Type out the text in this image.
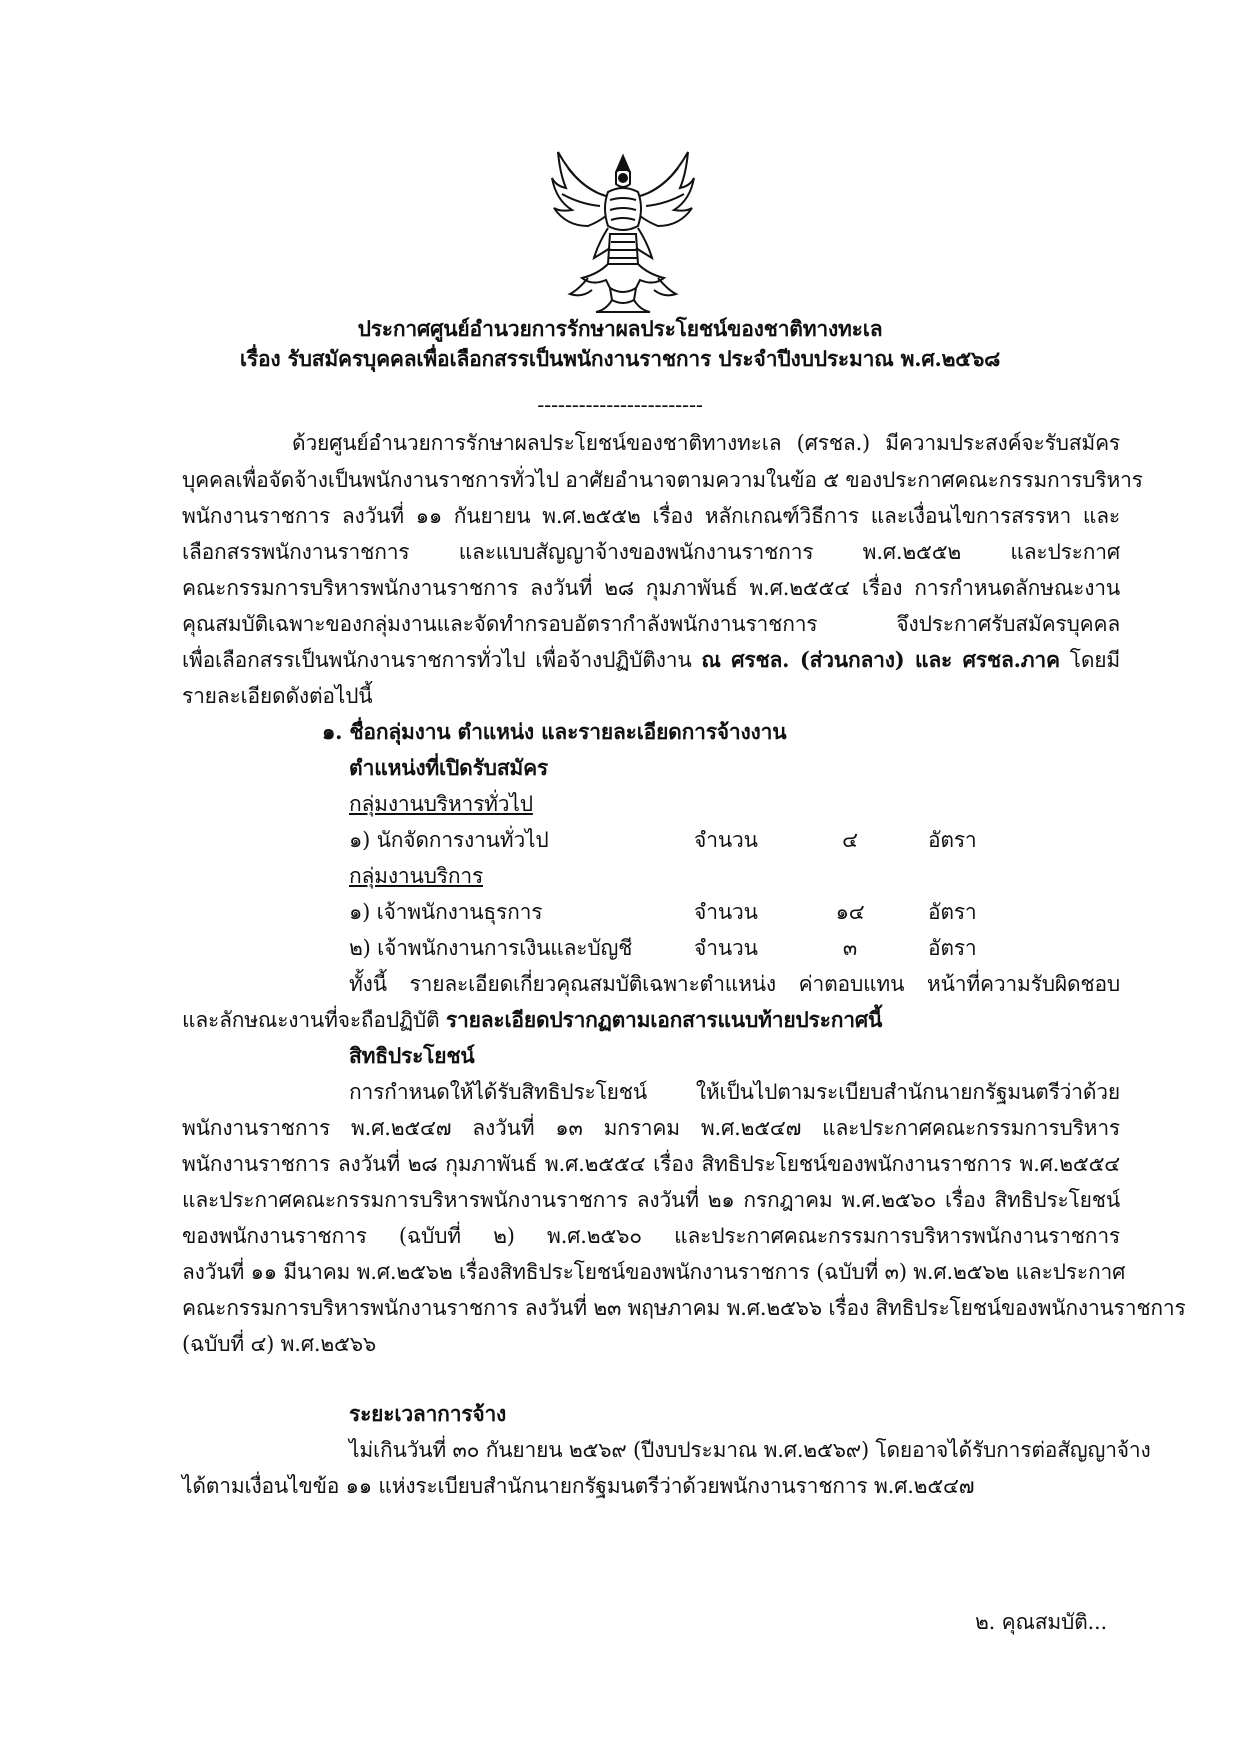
ประกาศศูนย์อำนวยการรักษาผลประโยชน์ของชาติทางทะเล
เรื่อง รับสมัครบุคคลเพื่อเลือกสรรเป็นพนักงานราชการ ประจำปีงบประมาณ พ.ศ.๒๕๖๘
------------------------
ด้วยศูนย์อำนวยการรักษาผลประโยชน์ของชาติทางทะเล (ศรชล.) มีความประสงค์จะรับสมัคร
บุคคลเพื่อจัดจ้างเป็นพนักงานราชการทั่วไป อาศัยอำนาจตามความในข้อ ๕ ของประกาศคณะกรรมการบริหาร
พนักงานราชการ ลงวันที่ ๑๑ กันยายน พ.ศ.๒๕๕๒ เรื่อง หลักเกณฑ์วิธีการ และเงื่อนไขการสรรหา และ
เลือกสรรพนักงานราชการ และแบบสัญญาจ้างของพนักงานราชการ พ.ศ.๒๕๕๒ และประกาศ
คณะกรรมการบริหารพนักงานราชการ ลงวันที่ ๒๘ กุมภาพันธ์ พ.ศ.๒๕๕๔ เรื่อง การกำหนดลักษณะงาน
คุณสมบัติเฉพาะของกลุ่มงานและจัดทำกรอบอัตรากำลังพนักงานราชการ จึงประกาศรับสมัครบุคคล
เพื่อเลือกสรรเป็นพนักงานราชการทั่วไป เพื่อจ้างปฏิบัติงาน ณ ศรชล. (ส่วนกลาง) และ ศรชล.ภาค โดยมี
รายละเอียดดังต่อไปนี้
๑. ชื่อกลุ่มงาน ตำแหน่ง และรายละเอียดการจ้างงาน
ตำแหน่งที่เปิดรับสมัคร
กลุ่มงานบริหารทั่วไป
๑) นักจัดการงานทั่วไป	จำนวน	๔	อัตรา
กลุ่มงานบริการ
๑) เจ้าพนักงานธุรการ	จำนวน	๑๔	อัตรา
๒) เจ้าพนักงานการเงินและบัญชี	จำนวน	๓	อัตรา
ทั้งนี้ รายละเอียดเกี่ยวคุณสมบัติเฉพาะตำแหน่ง ค่าตอบแทน หน้าที่ความรับผิดชอบ
และลักษณะงานที่จะถือปฏิบัติ รายละเอียดปรากฏตามเอกสารแนบท้ายประกาศนี้
สิทธิประโยชน์
การกำหนดให้ได้รับสิทธิประโยชน์ ให้เป็นไปตามระเบียบสำนักนายกรัฐมนตรีว่าด้วย
พนักงานราชการ พ.ศ.๒๕๔๗ ลงวันที่ ๑๓ มกราคม พ.ศ.๒๕๔๗ และประกาศคณะกรรมการบริหาร
พนักงานราชการ ลงวันที่ ๒๘ กุมภาพันธ์ พ.ศ.๒๕๕๔ เรื่อง สิทธิประโยชน์ของพนักงานราชการ พ.ศ.๒๕๕๔
และประกาศคณะกรรมการบริหารพนักงานราชการ ลงวันที่ ๒๑ กรกฎาคม พ.ศ.๒๕๖๐ เรื่อง สิทธิประโยชน์
ของพนักงานราชการ (ฉบับที่ ๒) พ.ศ.๒๕๖๐ และประกาศคณะกรรมการบริหารพนักงานราชการ
ลงวันที่ ๑๑ มีนาคม พ.ศ.๒๕๖๒ เรื่องสิทธิประโยชน์ของพนักงานราชการ (ฉบับที่ ๓) พ.ศ.๒๕๖๒ และประกาศ
คณะกรรมการบริหารพนักงานราชการ ลงวันที่ ๒๓ พฤษภาคม พ.ศ.๒๕๖๖ เรื่อง สิทธิประโยชน์ของพนักงานราชการ
(ฉบับที่ ๔) พ.ศ.๒๕๖๖
ระยะเวลาการจ้าง
ไม่เกินวันที่ ๓๐ กันยายน ๒๕๖๙ (ปีงบประมาณ พ.ศ.๒๕๖๙) โดยอาจได้รับการต่อสัญญาจ้าง
ได้ตามเงื่อนไขข้อ ๑๑ แห่งระเบียบสำนักนายกรัฐมนตรีว่าด้วยพนักงานราชการ พ.ศ.๒๕๔๗
๒. คุณสมบัติ...
